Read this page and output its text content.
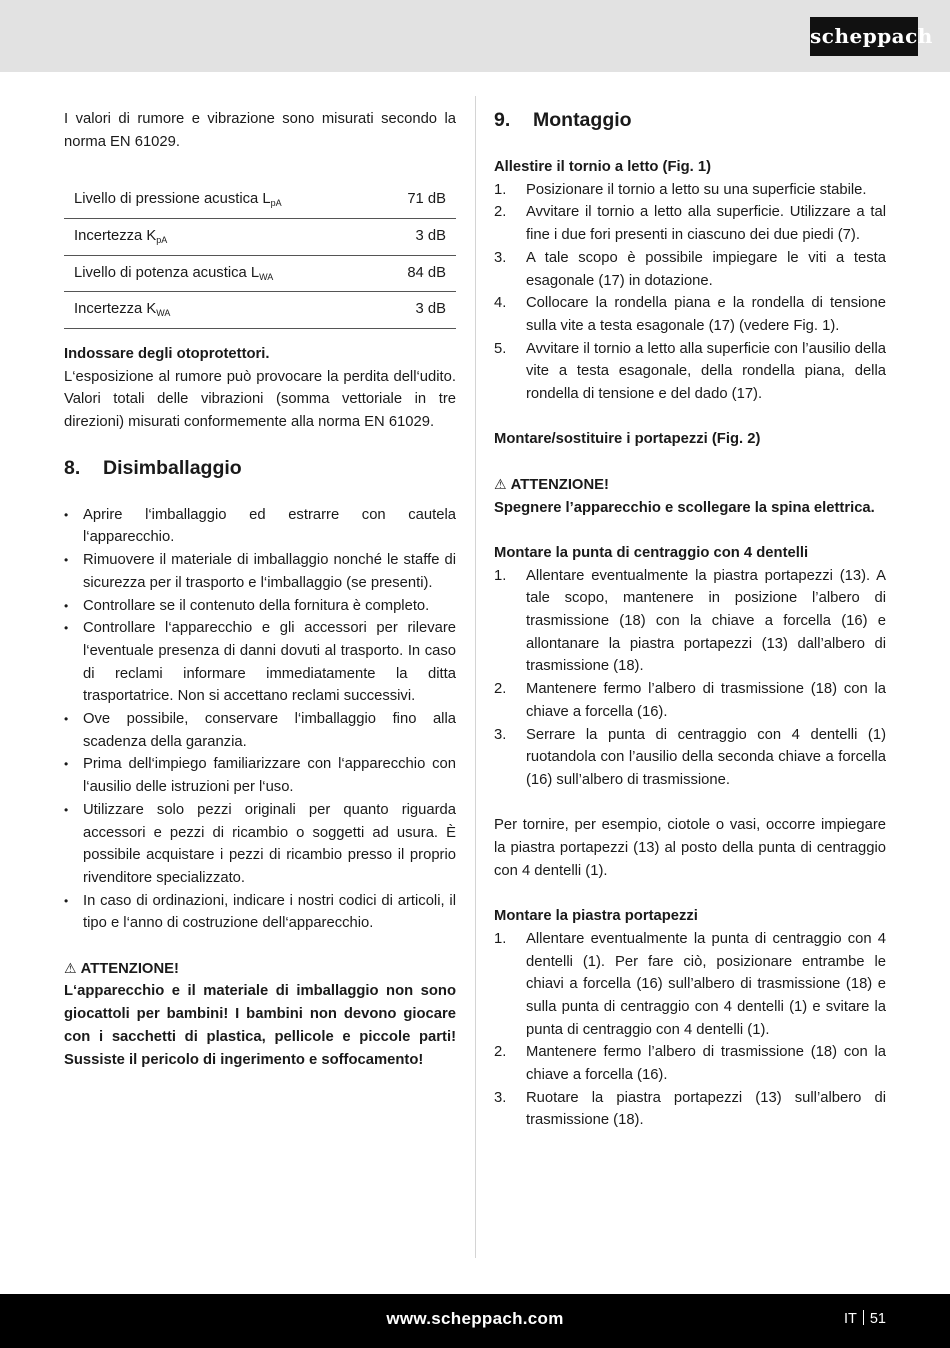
scheppach

I valori di rumore e vibrazione sono misurati secondo la norma EN 61029.

Livello di pressione acustica $L_{pA}$	71 dB
Incertezza $K_{pA}$	3 dB
Livello di potenza acustica $L_{WA}$	84 dB
Incertezza $K_{WA}$	3 dB

Indossare degli otoprotettori.

L‘esposizione al rumore può provocare la perdita dell‘udito. Valori totali delle vibrazioni (somma vettoriale in tre direzioni) misurati conformemente alla norma EN 61029.

8.	Disimballaggio
• Aprire l‘imballaggio ed estrarre con cautela l‘apparecchio.
• Rimuovere il materiale di imballaggio nonché le staffe di sicurezza per il trasporto e l‘imballaggio (se presenti).
• Controllare se il contenuto della fornitura è completo.
• Controllare l‘apparecchio e gli accessori per rilevare l‘eventuale presenza di danni dovuti al trasporto. In caso di reclami informare immediatamente la ditta trasportatrice. Non si accettano reclami successivi.
• Ove possibile, conservare l‘imballaggio fino alla scadenza della garanzia.
• Prima dell‘impiego familiarizzare con l‘apparecchio con l‘ausilio delle istruzioni per l‘uso.
• Utilizzare solo pezzi originali per quanto riguarda accessori e pezzi di ricambio o soggetti ad usura. È possibile acquistare i pezzi di ricambio presso il proprio rivenditore specializzato.
• In caso di ordinazioni, indicare i nostri codici di articoli, il tipo e l‘anno di costruzione dell‘apparecchio.
⚠ ATTENZIONE!

L‘apparecchio e il materiale di imballaggio non sono giocattoli per bambini! I bambini non devono giocare con i sacchetti di plastica, pellicole e piccole parti! Sussiste il pericolo di ingerimento e soffocamento!

9.	Montaggio
Allestire il tornio a letto (Fig. 1)
1.	Posizionare il tornio a letto su una superficie stabile.
2.	Avvitare il tornio a letto alla superficie. Utilizzare a tal fine i due fori presenti in ciascuno dei due piedi (7).
3.	A tale scopo è possibile impiegare le viti a testa esagonale (17) in dotazione.
4.	Collocare la rondella piana e la rondella di tensione sulla vite a testa esagonale (17) (vedere Fig. 1).
5.	Avvitare il tornio a letto alla superficie con l’ausilio della vite a testa esagonale, della rondella piana, della rondella di tensione e del dado (17).
Montare/sostituire i portapezzi (Fig. 2)
⚠ ATTENZIONE!

Spegnere l’apparecchio e scollegare la spina elettrica.

Montare la punta di centraggio con 4 dentelli
1.	Allentare eventualmente la piastra portapezzi (13). A tale scopo, mantenere in posizione l’albero di trasmissione (18) con la chiave a forcella (16) e allontanare la piastra portapezzi (13) dall’albero di trasmissione (18).
2.	Mantenere fermo l’albero di trasmissione (18) con la chiave a forcella (16).
3.	Serrare la punta di centraggio con 4 dentelli (1) ruotandola con l’ausilio della seconda chiave a forcella (16) sull’albero di trasmissione.

Per tornire, per esempio, ciotole o vasi, occorre impiegare la piastra portapezzi (13) al posto della punta di centraggio con 4 dentelli (1).

Montare la piastra portapezzi
1.	Allentare eventualmente la punta di centraggio con 4 dentelli (1). Per fare ciò, posizionare entrambe le chiavi a forcella (16) sull’albero di trasmissione (18) e sulla punta di centraggio con 4 dentelli (1) e svitare la punta di centraggio con 4 dentelli (1).
2.	Mantenere fermo l’albero di trasmissione (18) con la chiave a forcella (16).
3.	Ruotare la piastra portapezzi (13) sull’albero di trasmissione (18).
www.scheppach.com	IT 51
